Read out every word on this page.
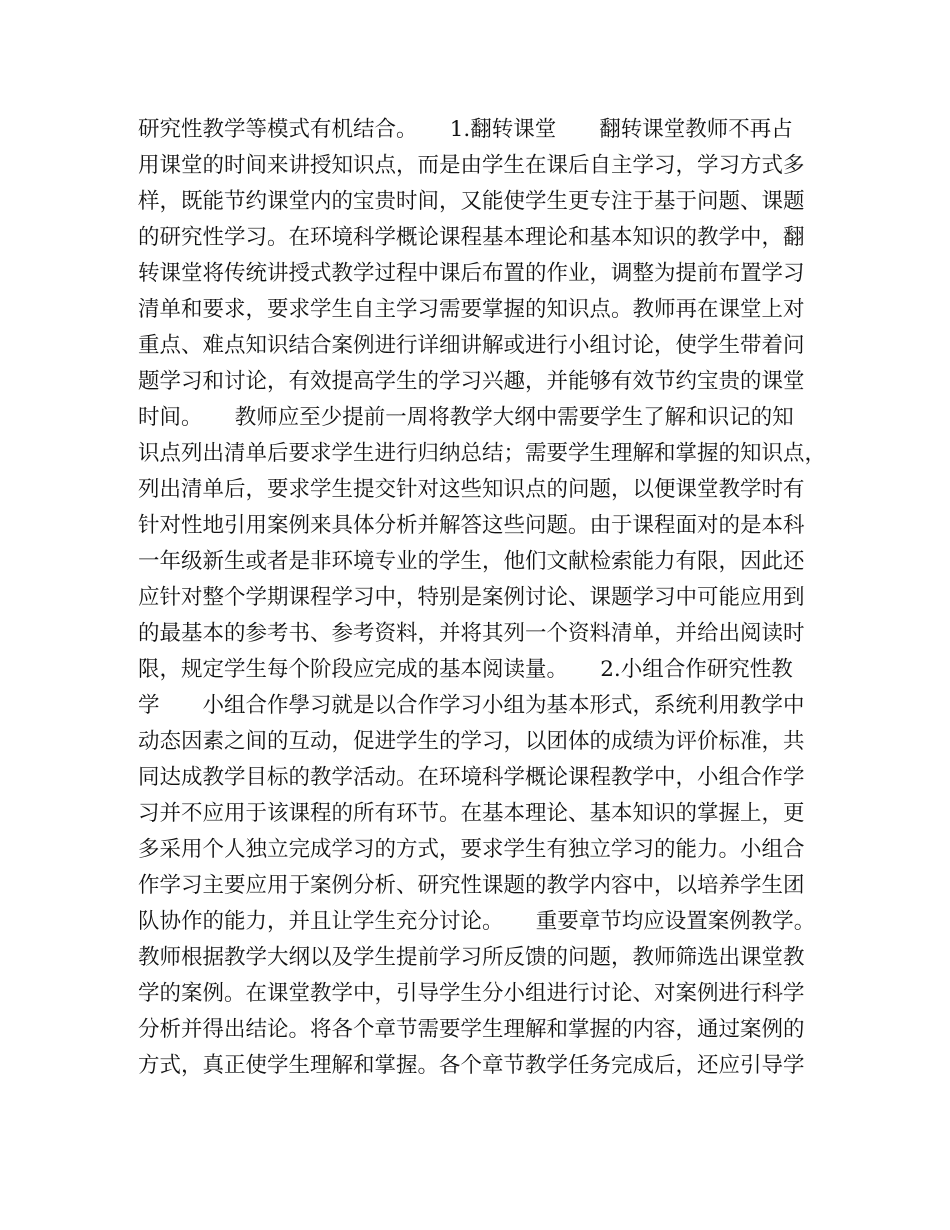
研究性教学等模式有机结合。　　1.翻转课堂　　翻转课堂教师不再占
用课堂的时间来讲授知识点，而是由学生在课后自主学习，学习方式多
样，既能节约课堂内的宝贵时间，又能使学生更专注于基于问题、课题
的研究性学习。在环境科学概论课程基本理论和基本知识的教学中，翻
转课堂将传统讲授式教学过程中课后布置的作业，调整为提前布置学习
清单和要求，要求学生自主学习需要掌握的知识点。教师再在课堂上对
重点、难点知识结合案例进行详细讲解或进行小组讨论，使学生带着问
题学习和讨论，有效提高学生的学习兴趣，并能够有效节约宝贵的课堂
时间。　　教师应至少提前一周将教学大纲中需要学生了解和识记的知
识点列出清单后要求学生进行归纳总结；需要学生理解和掌握的知识点，
列出清单后，要求学生提交针对这些知识点的问题，以便课堂教学时有
针对性地引用案例来具体分析并解答这些问题。由于课程面对的是本科
一年级新生或者是非环境专业的学生，他们文献检索能力有限，因此还
应针对整个学期课程学习中，特别是案例讨论、课题学习中可能应用到
的最基本的参考书、参考资料，并将其列一个资料清单，并给出阅读时
限，规定学生每个阶段应完成的基本阅读量。　　2.小组合作研究性教
学　　小组合作學习就是以合作学习小组为基本形式，系统利用教学中
动态因素之间的互动，促进学生的学习，以团体的成绩为评价标准，共
同达成教学目标的教学活动。在环境科学概论课程教学中，小组合作学
习并不应用于该课程的所有环节。在基本理论、基本知识的掌握上，更
多采用个人独立完成学习的方式，要求学生有独立学习的能力。小组合
作学习主要应用于案例分析、研究性课题的教学内容中，以培养学生团
队协作的能力，并且让学生充分讨论。　　重要章节均应设置案例教学。
教师根据教学大纲以及学生提前学习所反馈的问题，教师筛选出课堂教
学的案例。在课堂教学中，引导学生分小组进行讨论、对案例进行科学
分析并得出结论。将各个章节需要学生理解和掌握的内容，通过案例的
方式，真正使学生理解和掌握。各个章节教学任务完成后，还应引导学
